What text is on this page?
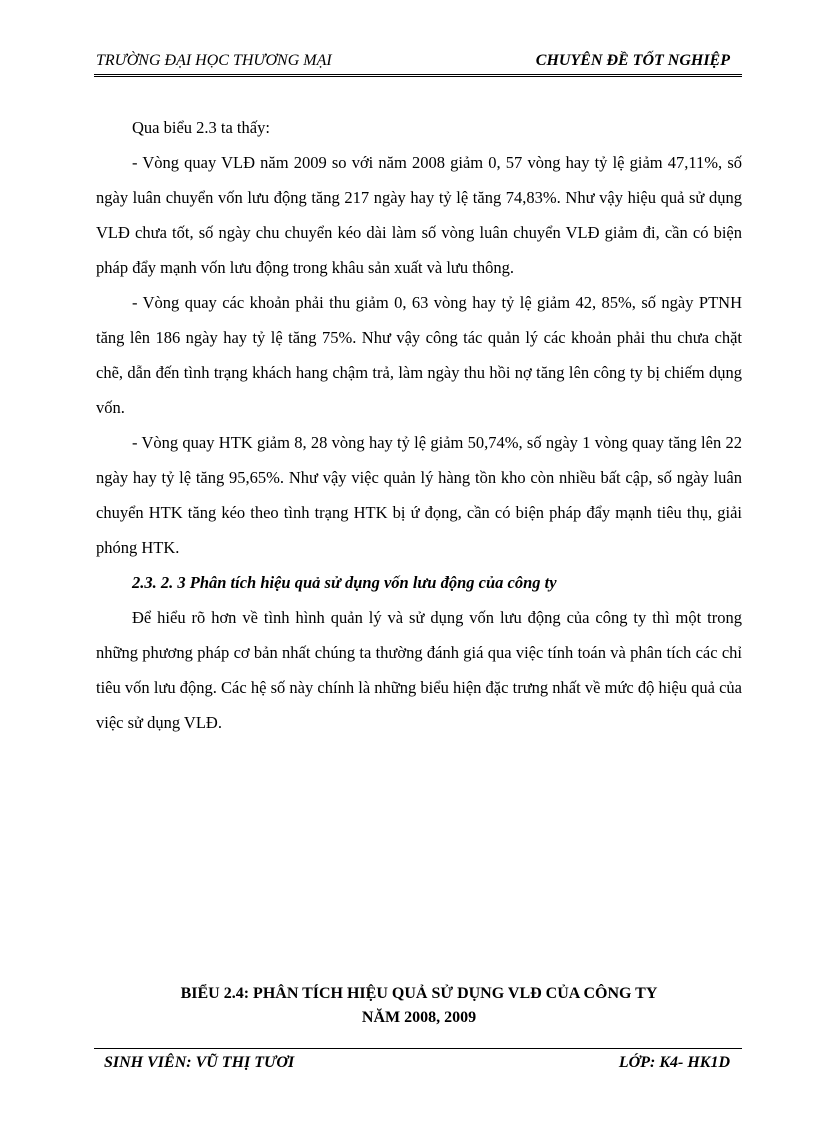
TRƯỜNG ĐẠI HỌC THƯƠNG MẠI	CHUYÊN ĐỀ TỐT NGHIỆP

Qua biểu 2.3 ta thấy:

- Vòng quay VLĐ năm 2009 so với năm 2008 giảm 0, 57 vòng hay tỷ lệ giảm 47,11%, số ngày luân chuyển vốn lưu động tăng 217 ngày hay tỷ lệ tăng 74,83%. Như vậy hiệu quả sử dụng VLĐ chưa tốt, số ngày chu chuyển kéo dài làm số vòng luân chuyển VLĐ giảm đi, cần có biện pháp đẩy mạnh vốn lưu động trong khâu sản xuất và lưu thông.

- Vòng quay các khoản phải thu giảm 0, 63 vòng hay tỷ lệ giảm 42, 85%, số ngày PTNH tăng lên 186 ngày hay tỷ lệ tăng 75%. Như vậy công tác quản lý các khoản phải thu chưa chặt chẽ, dẫn đến tình trạng khách hang chậm trả, làm ngày thu hồi nợ tăng lên công ty bị chiếm dụng vốn.

- Vòng quay HTK giảm 8, 28 vòng hay tỷ lệ giảm 50,74%, số ngày 1 vòng quay tăng lên 22 ngày hay tỷ lệ tăng 95,65%. Như vậy việc quản lý hàng tồn kho còn nhiều bất cập, số ngày luân chuyển HTK tăng kéo theo tình trạng HTK bị ứ đọng, cần có biện pháp đẩy mạnh tiêu thụ, giải phóng HTK.

2.3. 2. 3 Phân tích hiệu quả sử dụng vốn lưu động của công ty

Để hiểu rõ hơn về tình hình quản lý và sử dụng vốn lưu động của công ty thì một trong những phương pháp cơ bản nhất chúng ta thường đánh giá qua việc tính toán và phân tích các chỉ tiêu vốn lưu động. Các hệ số này chính là những biểu hiện đặc trưng nhất về mức độ hiệu quả của việc sử dụng VLĐ.

BIỂU 2.4: PHÂN TÍCH HIỆU QUẢ SỬ DỤNG VLĐ CỦA CÔNG TY
NĂM 2008, 2009
SINH VIÊN: VŨ THỊ TƯƠI	LỚP: K4- HK1D
